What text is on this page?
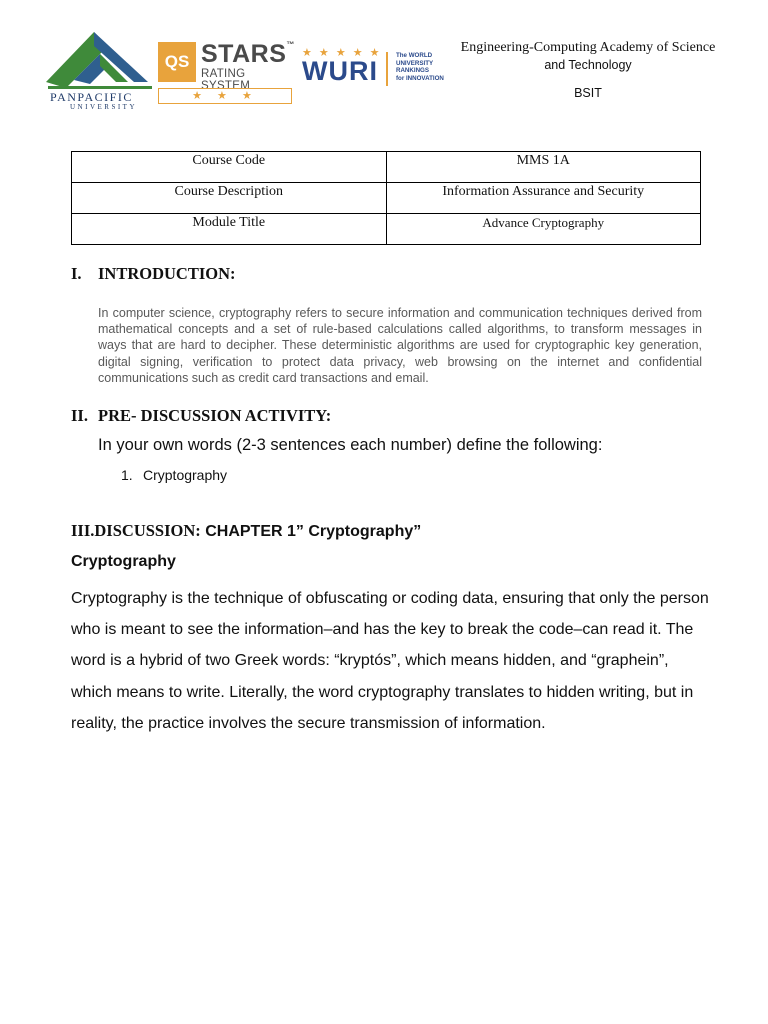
PANPACIFIC
UNIVERSITY
QS STARS™
RATING SYSTEM
★ ★ ★
★ ★ ★ ★ ★
WURI
The WORLD
UNIVERSITY
RANKINGS
for INNOVATION
Engineering-Computing Academy of Science
and Technology
BSIT
Course Code	MMS 1A
Course Description	Information Assurance and Security
Module Title	Advance Cryptography
I. INTRODUCTION:
In computer science, cryptography refers to secure information and communication techniques derived from mathematical concepts and a set of rule-based calculations called algorithms, to transform messages in ways that are hard to decipher. These deterministic algorithms are used for cryptographic key generation, digital signing, verification to protect data privacy, web browsing on the internet and confidential communications such as credit card transactions and email.
II. PRE- DISCUSSION ACTIVITY:
In your own words (2-3 sentences each number) define the following:
1. Cryptography
III.DISCUSSION: CHAPTER 1” Cryptography”
Cryptography
Cryptography is the technique of obfuscating or coding data, ensuring that only the person who is meant to see the information–and has the key to break the code–can read it. The word is a hybrid of two Greek words: “kryptós”, which means hidden, and “graphein”, which means to write. Literally, the word cryptography translates to hidden writing, but in reality, the practice involves the secure transmission of information.
